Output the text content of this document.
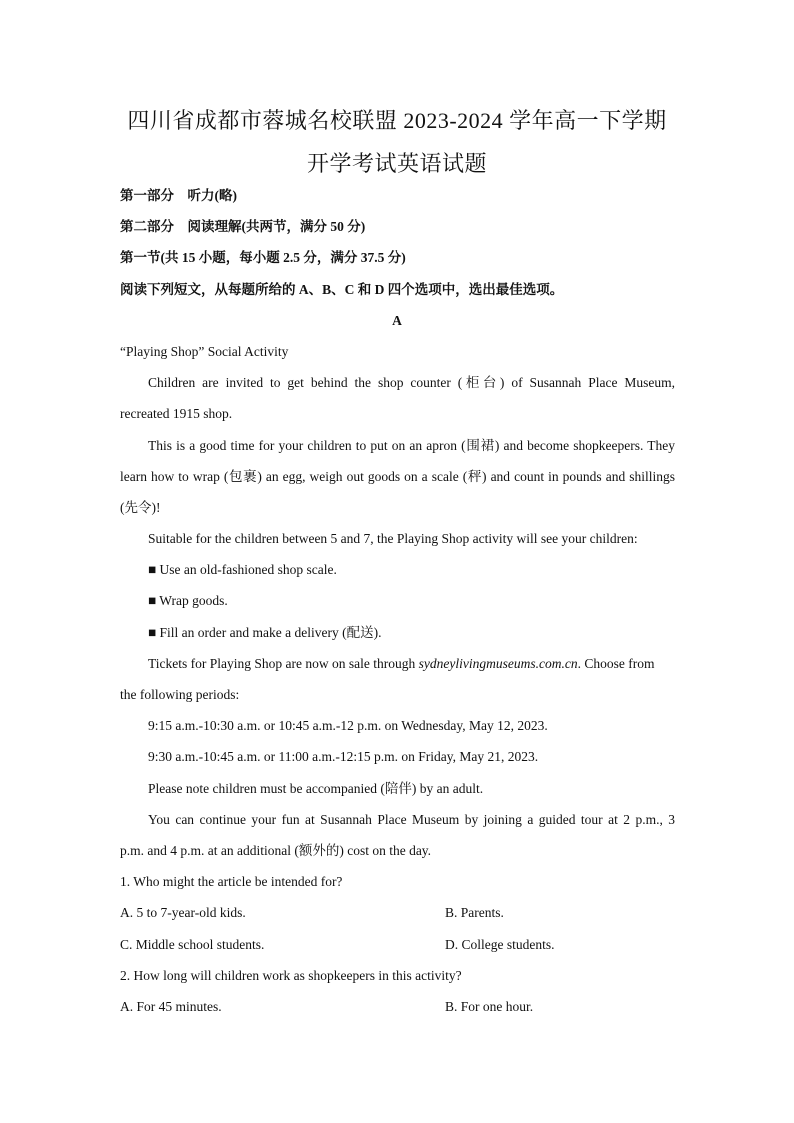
四川省成都市蓉城名校联盟 2023-2024 学年高一下学期
开学考试英语试题
第一部分　听力(略)
第二部分　阅读理解(共两节，满分 50 分)
第一节(共 15 小题，每小题 2.5 分，满分 37.5 分)
阅读下列短文，从每题所给的 A、B、C 和 D 四个选项中，选出最佳选项。
A
“Playing Shop” Social Activity
Children are invited to get behind the shop counter (柜台) of Susannah Place Museum,
recreated 1915 shop.
This is a good time for your children to put on an apron (围裙) and become shopkeepers. They
learn how to wrap (包裹) an egg, weigh out goods on a scale (秤) and count in pounds and shillings
(先令)!
Suitable for the children between 5 and 7, the Playing Shop activity will see your children:
■ Use an old-fashioned shop scale.
■ Wrap goods.
■ Fill an order and make a delivery (配送).
Tickets for Playing Shop are now on sale through sydneylivingmuseums.com.cn. Choose from
the following periods:
9:15 a.m.-10:30 a.m. or 10:45 a.m.-12 p.m. on Wednesday, May 12, 2023.
9:30 a.m.-10:45 a.m. or 11:00 a.m.-12:15 p.m. on Friday, May 21, 2023.
Please note children must be accompanied (陪伴) by an adult.
You can continue your fun at Susannah Place Museum by joining a guided tour at 2 p.m., 3
p.m. and 4 p.m. at an additional (额外的) cost on the day.
1. Who might the article be intended for?
A. 5 to 7-year-old kids.	B. Parents.
C. Middle school students.	D. College students.
2. How long will children work as shopkeepers in this activity?
A. For 45 minutes.	B. For one hour.
